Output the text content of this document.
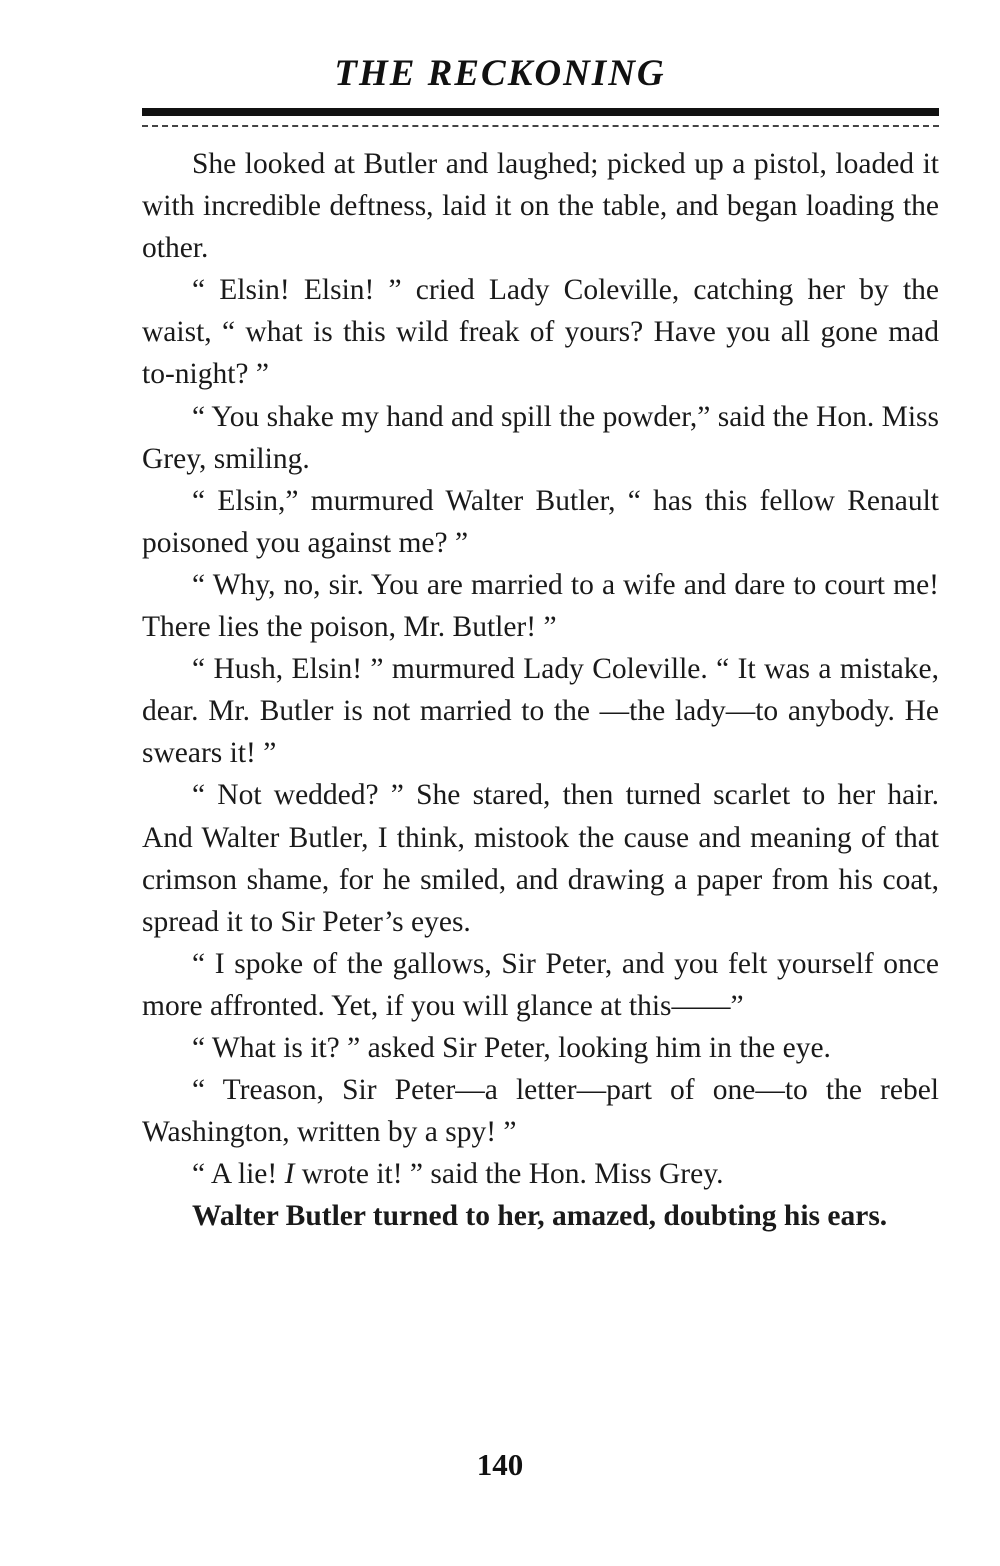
THE RECKONING

She looked at Butler and laughed; picked up a pistol, loaded it with incredible deftness, laid it on the table, and began loading the other.

“ Elsin! Elsin! ” cried Lady Coleville, catching her by the waist, “ what is this wild freak of yours? Have you all gone mad to-night? ”

“ You shake my hand and spill the powder,” said the Hon. Miss Grey, smiling.

“ Elsin,” murmured Walter Butler, “ has this fellow Renault poisoned you against me? ”

“ Why, no, sir. You are married to a wife and dare to court me! There lies the poison, Mr. Butler! ”

“ Hush, Elsin! ” murmured Lady Coleville. “ It was a mistake, dear. Mr. Butler is not married to the —the lady—to anybody. He swears it! ”

“ Not wedded? ” She stared, then turned scarlet to her hair. And Walter Butler, I think, mistook the cause and meaning of that crimson shame, for he smiled, and drawing a paper from his coat, spread it to Sir Peter’s eyes.

“ I spoke of the gallows, Sir Peter, and you felt yourself once more affronted. Yet, if you will glance at this——”

“ What is it? ” asked Sir Peter, looking him in the eye.

“ Treason, Sir Peter—a letter—part of one—to the rebel Washington, written by a spy! ”

“ A lie! I wrote it! ” said the Hon. Miss Grey.

Walter Butler turned to her, amazed, doubting his ears.

140
